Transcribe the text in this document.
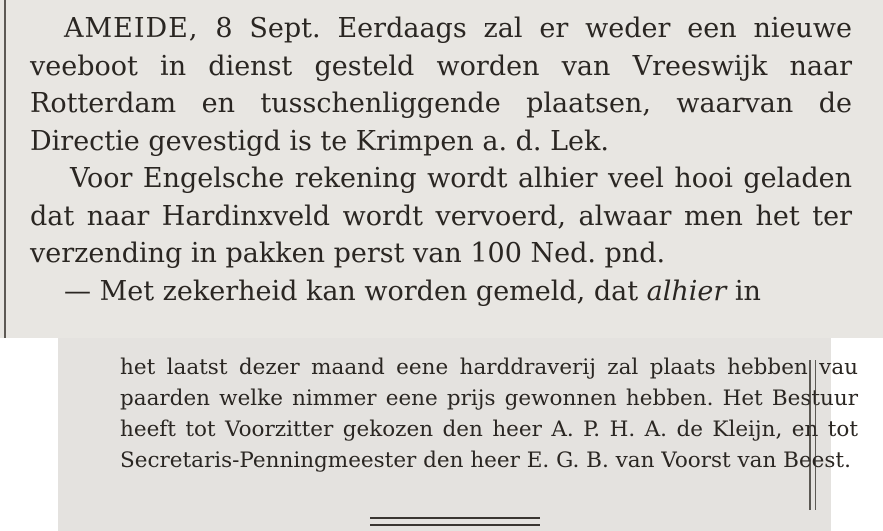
AMEIDE, 8 Sept. Eerdaags zal er weder een nieuwe veeboot in dienst gesteld worden van Vreeswijk naar Rotterdam en tusschenliggende plaatsen, waarvan de Directie gevestigd is te Krimpen a. d. Lek.

Voor Engelsche rekening wordt alhier veel hooi geladen dat naar Hardinxveld wordt vervoerd, alwaar men het ter verzending in pakken perst van 100 Ned. pnd.

— Met zekerheid kan worden gemeld, dat alhier in

het laatst dezer maand eene harddraverij zal plaats hebben vau paarden welke nimmer eene prijs gewonnen hebben. Het Bestuur heeft tot Voorzitter gekozen den heer A. P. H. A. de Kleijn, en tot Secretaris-Penningmeester den heer E. G. B. van Voorst van Beest.
